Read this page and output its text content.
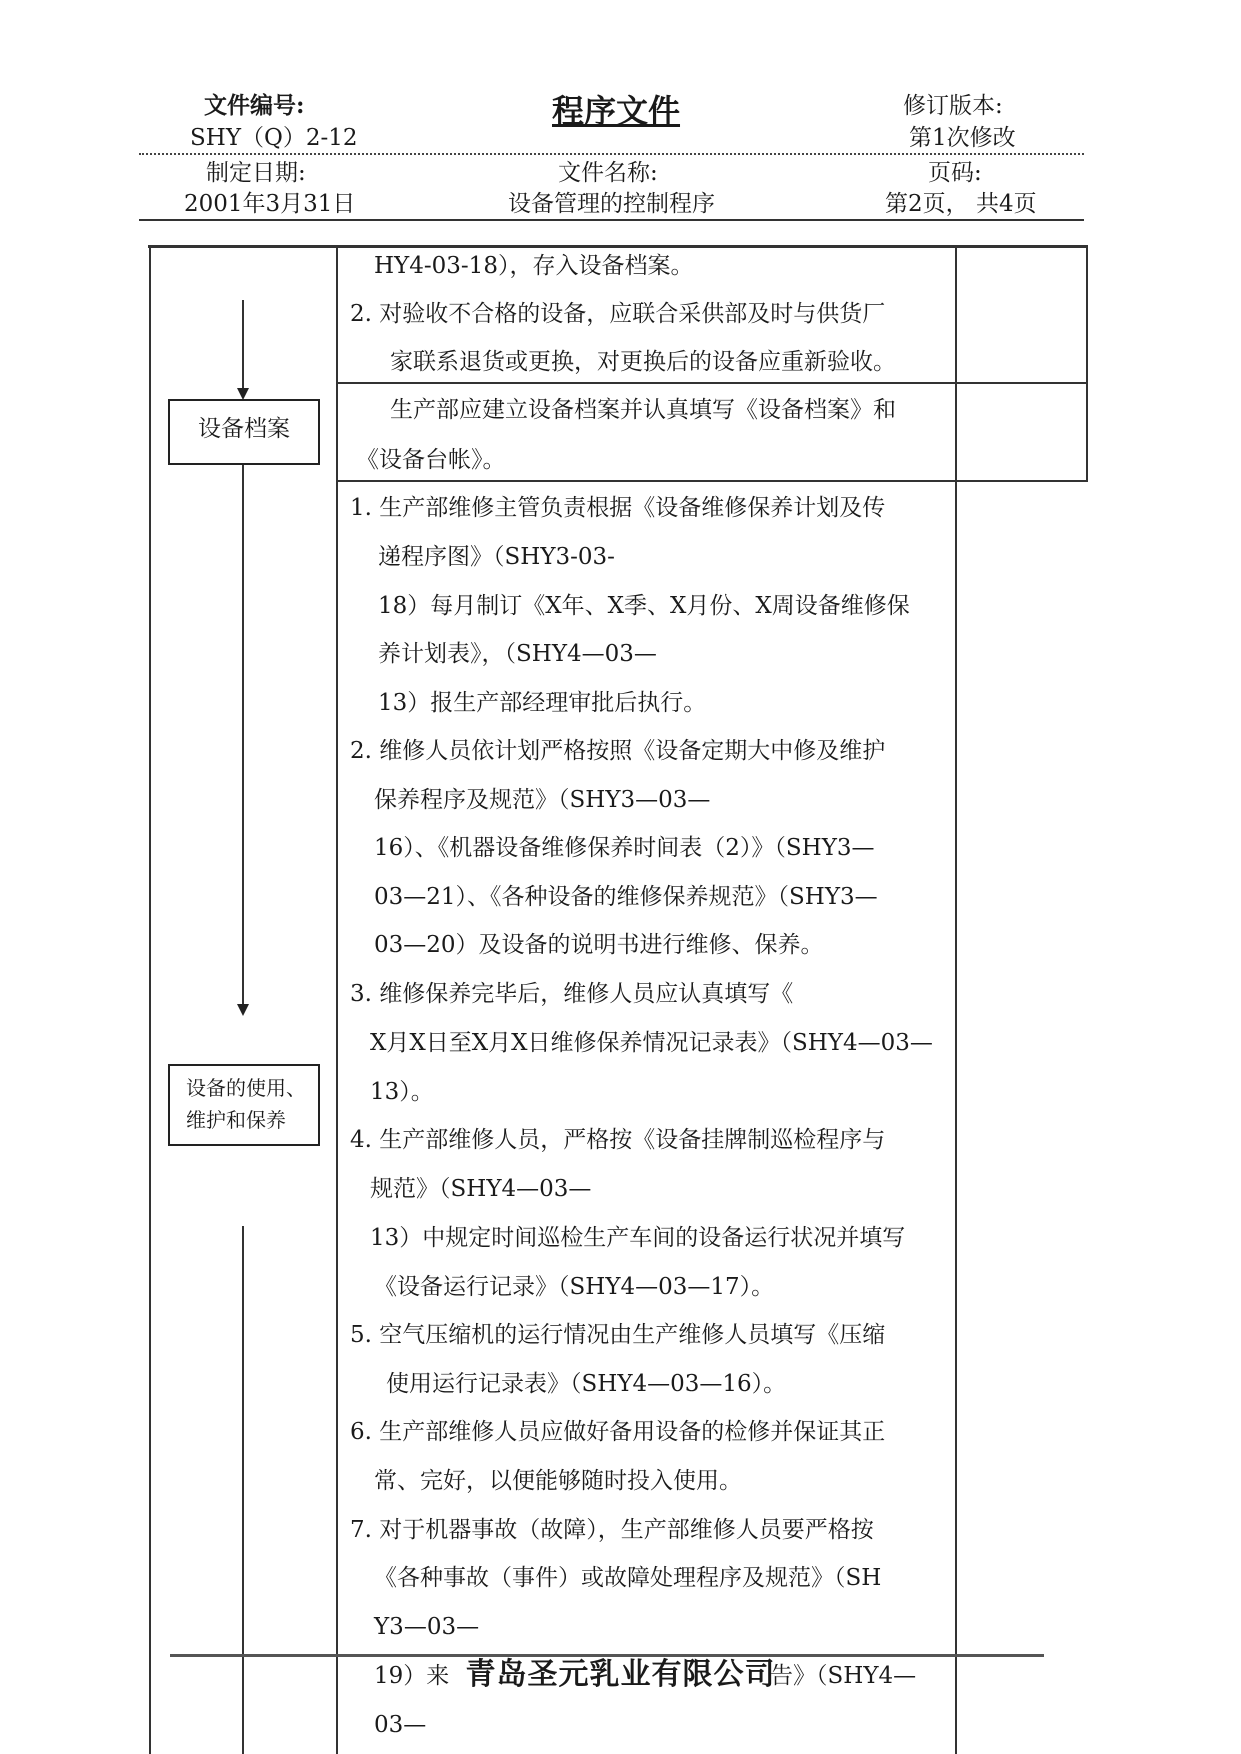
文件编号:
SHY（Q）2-12
程序文件	修订版本:
第1次修改
制定日期:
2001年3月31日
文件名称:
设备管理的控制程序
页码:
第2页， 共4页
设备档案
设备的使用、维护和保养
HY4-03-18），存入设备档案。
2. 对验收不合格的设备，应联合采供部及时与供货厂
家联系退货或更换，对更换后的设备应重新验收。
生产部应建立设备档案并认真填写《设备档案》和
《设备台帐》。
1. 生产部维修主管负责根据《设备维修保养计划及传
递程序图》（SHY3-03-
18）每月制订《X年、X季、X月份、X周设备维修保
养计划表》，（SHY4—03—
13）报生产部经理审批后执行。
2. 维修人员依计划严格按照《设备定期大中修及维护
保养程序及规范》（SHY3—03—
16）、《机器设备维修保养时间表（2）》（SHY3—
03—21）、《各种设备的维修保养规范》（SHY3—
03—20）及设备的说明书进行维修、保养。
3. 维修保养完毕后，维修人员应认真填写《
X月X日至X月X日维修保养情况记录表》（SHY4—03—
13）。
4. 生产部维修人员，严格按《设备挂牌制巡检程序与
规范》（SHY4—03—
13）中规定时间巡检生产车间的设备运行状况并填写
《设备运行记录》（SHY4—03—17）。
5. 空气压缩机的运行情况由生产维修人员填写《压缩
使用运行记录表》（SHY4—03—16）。
6. 生产部维修人员应做好备用设备的检修并保证其正
常、完好，以便能够随时投入使用。
7. 对于机器事故（故障），生产部维修人员要严格按
《各种事故（事件）或故障处理程序及规范》（SH
Y3—03—
19）来	告》（SHY4—
03—
青岛圣元乳业有限公司
